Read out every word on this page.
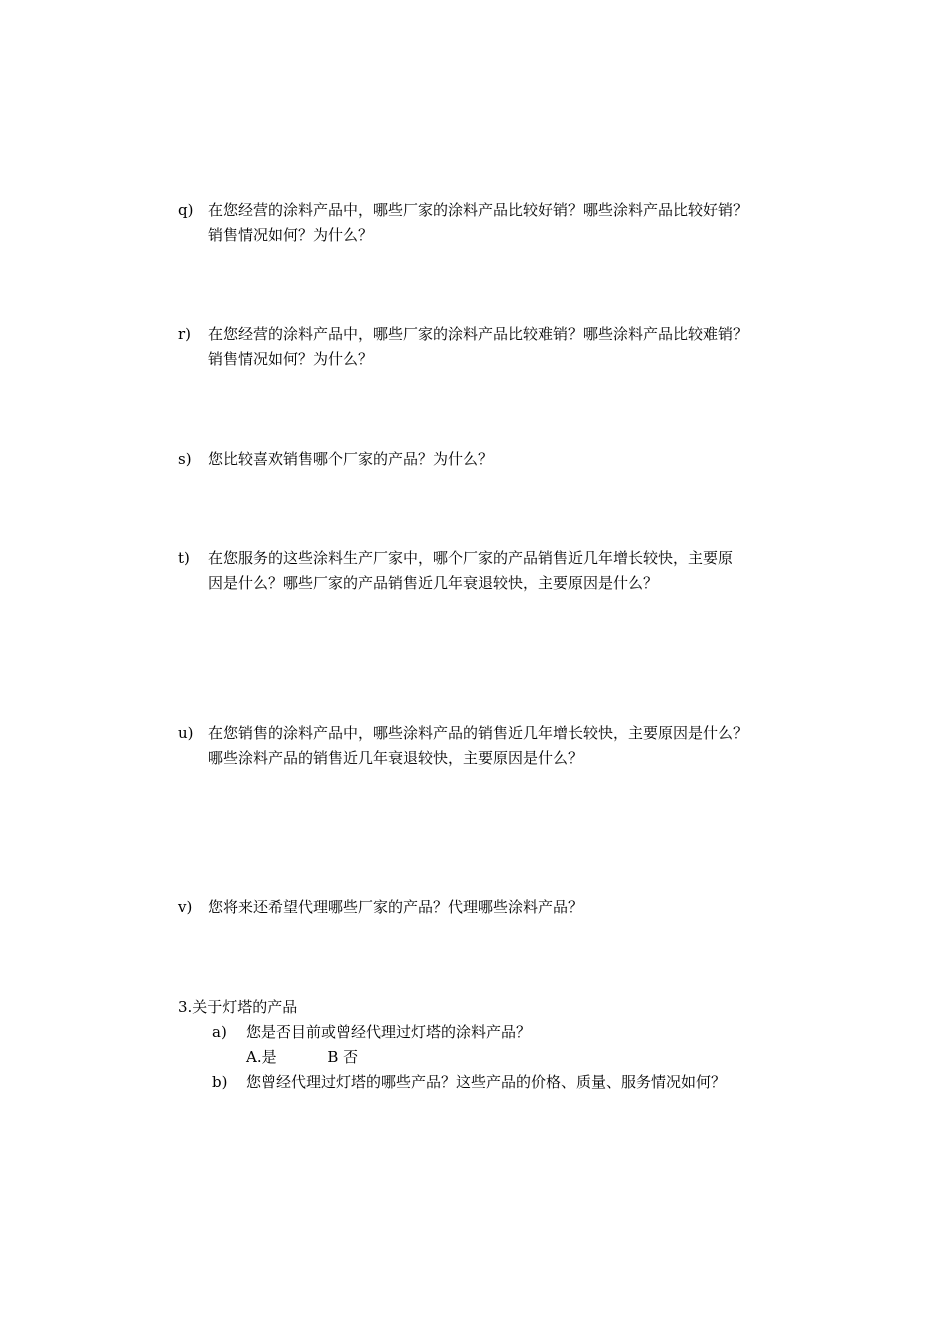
q) 在您经营的涂料产品中，哪些厂家的涂料产品比较好销？哪些涂料产品比较好销？
销售情况如何？为什么？
r)	在您经营的涂料产品中，哪些厂家的涂料产品比较难销？哪些涂料产品比较难销？
销售情况如何？为什么？
s)	您比较喜欢销售哪个厂家的产品？为什么？
t)	在您服务的这些涂料生产厂家中，哪个厂家的产品销售近几年增长较快，主要原
因是什么？哪些厂家的产品销售近几年衰退较快，主要原因是什么？
u) 在您销售的涂料产品中，哪些涂料产品的销售近几年增长较快，主要原因是什么？
哪些涂料产品的销售近几年衰退较快，主要原因是什么？
v)	您将来还希望代理哪些厂家的产品？代理哪些涂料产品？
3.关于灯塔的产品
a)	您是否目前或曾经代理过灯塔的涂料产品？
A.是	B 否
b)	您曾经代理过灯塔的哪些产品？这些产品的价格、质量、服务情况如何？
